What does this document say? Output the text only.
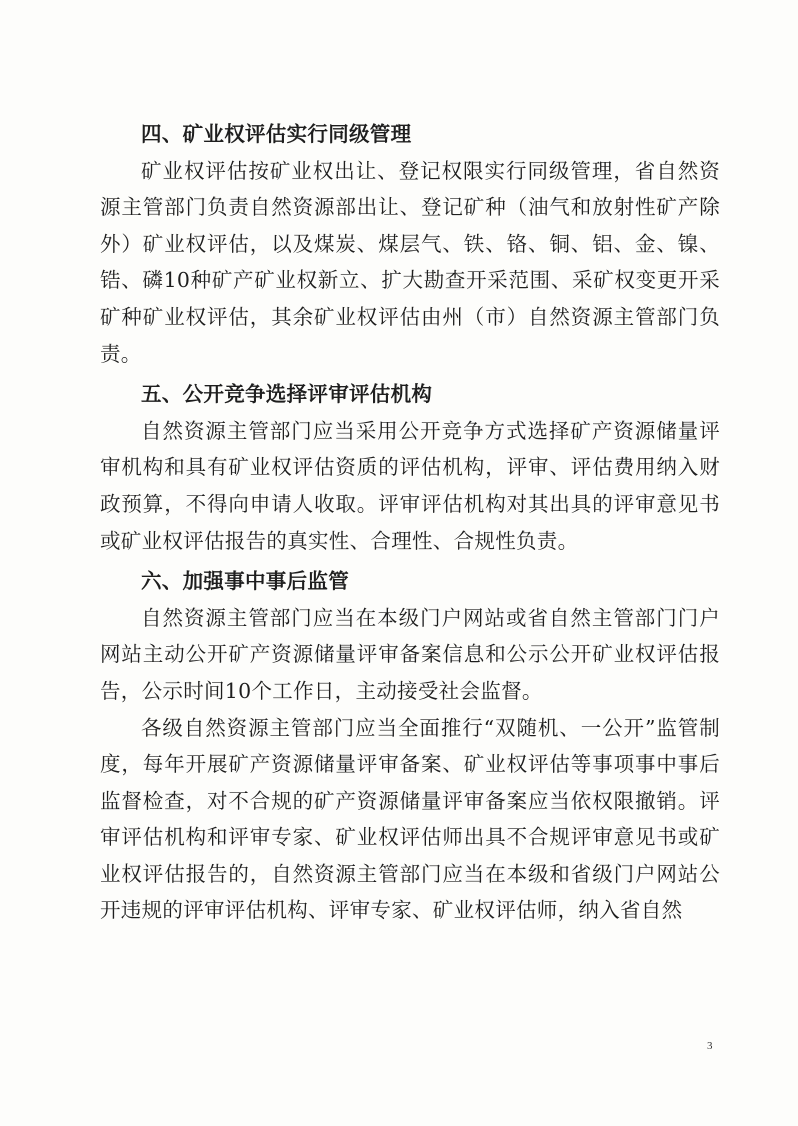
四、矿业权评估实行同级管理

矿业权评估按矿业权出让、登记权限实行同级管理，省自然资源主管部门负责自然资源部出让、登记矿种（油气和放射性矿产除外）矿业权评估，以及煤炭、煤层气、铁、铬、铜、铝、金、镍、锆、磷10种矿产矿业权新立、扩大勘查开采范围、采矿权变更开采矿种矿业权评估，其余矿业权评估由州（市）自然资源主管部门负责。

五、公开竞争选择评审评估机构

自然资源主管部门应当采用公开竞争方式选择矿产资源储量评审机构和具有矿业权评估资质的评估机构，评审、评估费用纳入财政预算，不得向申请人收取。评审评估机构对其出具的评审意见书或矿业权评估报告的真实性、合理性、合规性负责。

六、加强事中事后监管

自然资源主管部门应当在本级门户网站或省自然主管部门门户网站主动公开矿产资源储量评审备案信息和公示公开矿业权评估报告，公示时间10个工作日，主动接受社会监督。

各级自然资源主管部门应当全面推行“双随机、一公开”监管制度，每年开展矿产资源储量评审备案、矿业权评估等事项事中事后监督检查，对不合规的矿产资源储量评审备案应当依权限撤销。评审评估机构和评审专家、矿业权评估师出具不合规评审意见书或矿业权评估报告的，自然资源主管部门应当在本级和省级门户网站公开违规的评审评估机构、评审专家、矿业权评估师，纳入省自然

3
